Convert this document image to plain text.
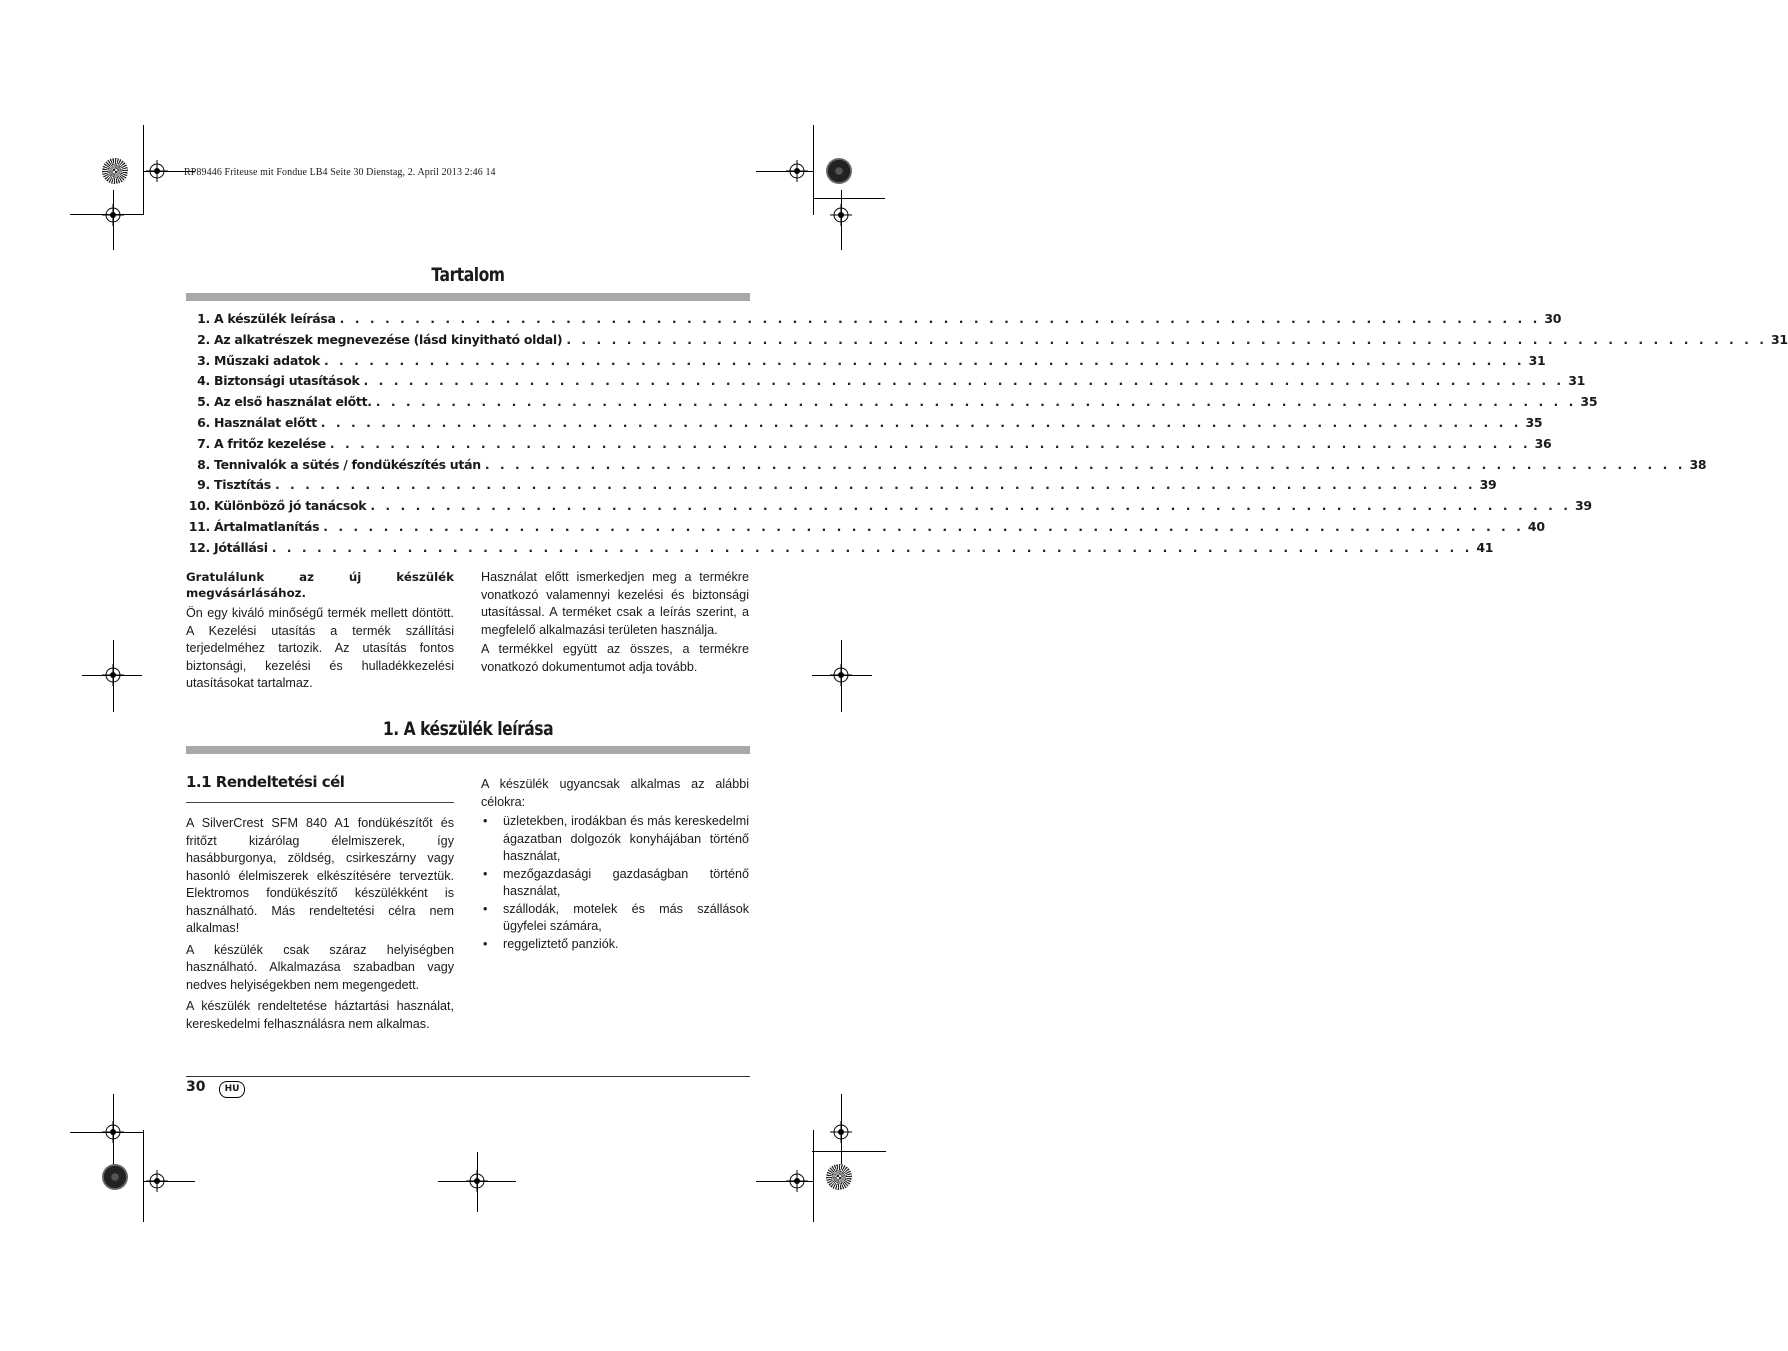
RP89446 Friteuse mit Fondue LB4 Seite 30 Dienstag, 2. April 2013 2:46 14
Tartalom
1. A készülék leírása . . . . . . . . . . . . . . . . . . . . . . . . . . . . . . . . . . . . . . . . . . . . . . . . . . . . . . . . . . . . . . . . . . . . . . . . . . . . . . . . 30
2. Az alkatrészek megnevezése (lásd kinyitható oldal) . . . . . . . . . . . . . . . . . . . . . . . . . . . . . . . . . . . . . . . . . . . . . . . . . . . . . . . . . . . . . . . . . . . . . . . . . . . . . . . . 31
3. Műszaki adatok . . . . . . . . . . . . . . . . . . . . . . . . . . . . . . . . . . . . . . . . . . . . . . . . . . . . . . . . . . . . . . . . . . . . . . . . . . . . . . . . 31
4. Biztonsági utasítások . . . . . . . . . . . . . . . . . . . . . . . . . . . . . . . . . . . . . . . . . . . . . . . . . . . . . . . . . . . . . . . . . . . . . . . . . . . . . . . . 31
5. Az első használat előtt. . . . . . . . . . . . . . . . . . . . . . . . . . . . . . . . . . . . . . . . . . . . . . . . . . . . . . . . . . . . . . . . . . . . . . . . . . . . . . . . . 35
6. Használat előtt . . . . . . . . . . . . . . . . . . . . . . . . . . . . . . . . . . . . . . . . . . . . . . . . . . . . . . . . . . . . . . . . . . . . . . . . . . . . . . . . 35
7. A fritőz kezelése . . . . . . . . . . . . . . . . . . . . . . . . . . . . . . . . . . . . . . . . . . . . . . . . . . . . . . . . . . . . . . . . . . . . . . . . . . . . . . . . 36
8. Tennivalók a sütés / fondükészítés után . . . . . . . . . . . . . . . . . . . . . . . . . . . . . . . . . . . . . . . . . . . . . . . . . . . . . . . . . . . . . . . . . . . . . . . . . . . . . . . . 38
9. Tisztítás . . . . . . . . . . . . . . . . . . . . . . . . . . . . . . . . . . . . . . . . . . . . . . . . . . . . . . . . . . . . . . . . . . . . . . . . . . . . . . . . 39
10. Különböző jó tanácsok . . . . . . . . . . . . . . . . . . . . . . . . . . . . . . . . . . . . . . . . . . . . . . . . . . . . . . . . . . . . . . . . . . . . . . . . . . . . . . . . 39
11. Ártalmatlanítás . . . . . . . . . . . . . . . . . . . . . . . . . . . . . . . . . . . . . . . . . . . . . . . . . . . . . . . . . . . . . . . . . . . . . . . . . . . . . . . . 40
12. Jótállási . . . . . . . . . . . . . . . . . . . . . . . . . . . . . . . . . . . . . . . . . . . . . . . . . . . . . . . . . . . . . . . . . . . . . . . . . . . . . . . . 41

Gratulálunk az új készülék

megvásárlásához.

Ön egy kiváló minőségű termék mellett döntött. A Kezelési utasítás a termék szállítási terjedelméhez tartozik. Az utasítás fontos biztonsági, kezelési és hulladékkezelési utasításokat tartalmaz.

Használat előtt ismerkedjen meg a termékre vonatkozó valamennyi kezelési és biztonsági utasítással. A terméket csak a leírás szerint, a megfelelő alkalmazási területen használja.

A termékkel együtt az összes, a termékre vonatkozó dokumentumot adja tovább.

1. A készülék leírása
1.1 Rendeltetési cél

A SilverCrest SFM 840 A1 fondükészítőt és fritőzt kizárólag élelmiszerek, így hasábburgonya, zöldség, csirkeszárny vagy hasonló élelmiszerek elkészítésére terveztük. Elektromos fondükészítő készülékként is használható. Más rendeltetési célra nem alkalmas!

A készülék csak száraz helyiségben használható. Alkalmazása szabadban vagy nedves helyiségekben nem megengedett.

A készülék rendeltetése háztartási használat, kereskedelmi felhasználásra nem alkalmas.

A készülék ugyancsak alkalmas az alábbi célokra:

• üzletekben, irodákban és más kereskedelmi ágazatban dolgozók konyhájában történő használat,
• mezőgazdasági gazdaságban történő használat,
• szállodák, motelek és más szállások ügyfelei számára,
• reggeliztető panziók.
30	HU
